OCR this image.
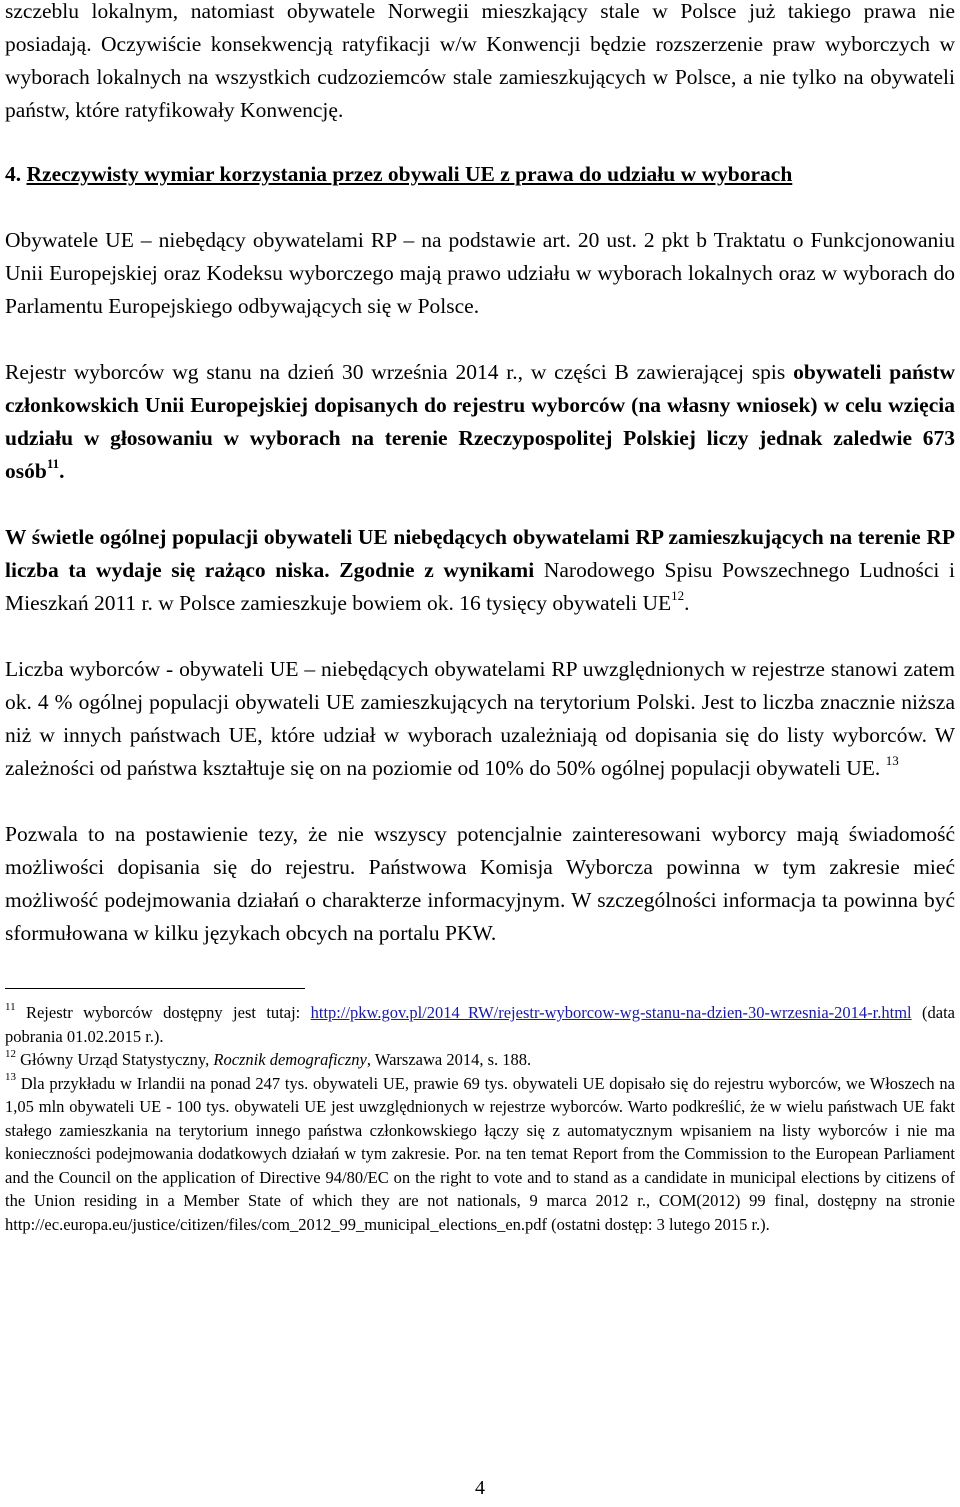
szczeblu lokalnym, natomiast obywatele Norwegii mieszkający stale w Polsce już takiego prawa nie posiadają. Oczywiście konsekwencją ratyfikacji w/w Konwencji będzie rozszerzenie praw wyborczych w wyborach lokalnych na wszystkich cudzoziemców stale zamieszkujących w Polsce, a nie tylko na obywateli państw, które ratyfikowały Konwencję.

4. Rzeczywisty wymiar korzystania przez obywali UE z prawa do udziału w wyborach

Obywatele UE – niebędący obywatelami RP – na podstawie art. 20 ust. 2 pkt b Traktatu o Funkcjonowaniu Unii Europejskiej oraz Kodeksu wyborczego mają prawo udziału w wyborach lokalnych oraz w wyborach do Parlamentu Europejskiego odbywających się w Polsce.

Rejestr wyborców wg stanu na dzień 30 września 2014 r., w części B zawierającej spis obywateli państw członkowskich Unii Europejskiej dopisanych do rejestru wyborców (na własny wniosek) w celu wzięcia udziału w głosowaniu w wyborach na terenie Rzeczypospolitej Polskiej liczy jednak zaledwie 673 osób$^{11}$.

W świetle ogólnej populacji obywateli UE niebędących obywatelami RP zamieszkujących na terenie RP liczba ta wydaje się rażąco niska. Zgodnie z wynikami Narodowego Spisu Powszechnego Ludności i Mieszkań 2011 r. w Polsce zamieszkuje bowiem ok. 16 tysięcy obywateli UE$^{12}$.

Liczba wyborców - obywateli UE – niebędących obywatelami RP uwzględnionych w rejestrze stanowi zatem ok. 4 % ogólnej populacji obywateli UE zamieszkujących na terytorium Polski. Jest to liczba znacznie niższa niż w innych państwach UE, które udział w wyborach uzależniają od dopisania się do listy wyborców. W zależności od państwa kształtuje się on na poziomie od 10% do 50% ogólnej populacji obywateli UE. $^{13}$

Pozwala to na postawienie tezy, że nie wszyscy potencjalnie zainteresowani wyborcy mają świadomość możliwości dopisania się do rejestru. Państwowa Komisja Wyborcza powinna w tym zakresie mieć możliwość podejmowania działań o charakterze informacyjnym. W szczególności informacja ta powinna być sformułowana w kilku językach obcych na portalu PKW.

$^{11}$ Rejestr wyborców dostępny jest tutaj: http://pkw.gov.pl/2014_RW/rejestr-wyborcow-wg-stanu-na-dzien-30-wrzesnia-2014-r.html (data pobrania 01.02.2015 r.).

$^{12}$ Główny Urząd Statystyczny, Rocznik demograficzny, Warszawa 2014, s. 188.

$^{13}$ Dla przykładu w Irlandii na ponad 247 tys. obywateli UE, prawie 69 tys. obywateli UE dopisało się do rejestru wyborców, we Włoszech na 1,05 mln obywateli UE - 100 tys. obywateli UE jest uwzględnionych w rejestrze wyborców. Warto podkreślić, że w wielu państwach UE fakt stałego zamieszkania na terytorium innego państwa członkowskiego łączy się z automatycznym wpisaniem na listy wyborców i nie ma konieczności podejmowania dodatkowych działań w tym zakresie. Por. na ten temat Report from the Commission to the European Parliament and the Council on the application of Directive 94/80/EC on the right to vote and to stand as a candidate in municipal elections by citizens of the Union residing in a Member State of which they are not nationals, 9 marca 2012 r., COM(2012) 99 final, dostępny na stronie http://ec.europa.eu/justice/citizen/files/com_2012_99_municipal_elections_en.pdf (ostatni dostęp: 3 lutego 2015 r.).

4
